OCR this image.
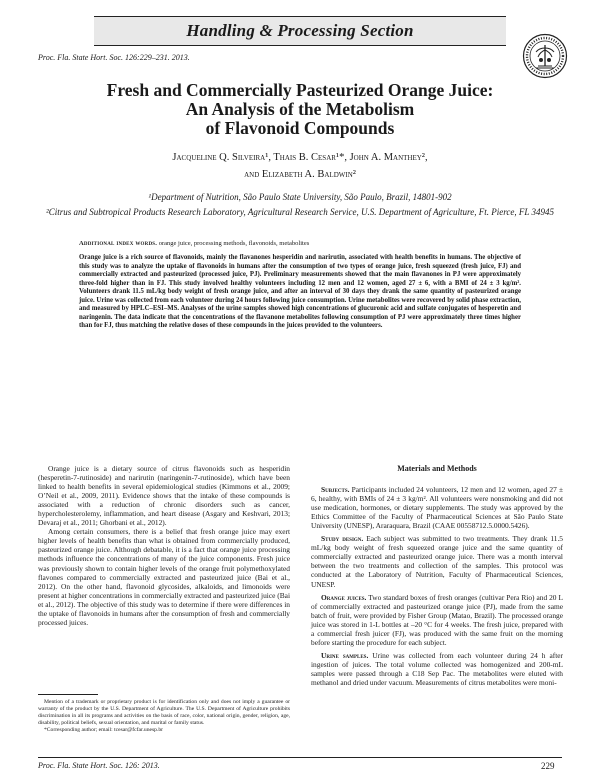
Handling & Processing Section
Proc. Fla. State Hort. Soc. 126:229–231. 2013.
Fresh and Commercially Pasteurized Orange Juice:
An Analysis of the Metabolism
of Flavonoid Compounds
Jacqueline Q. Silveira¹, Thais B. Cesar¹*, John A. Manthey²,
and Elizabeth A. Baldwin²
¹Department of Nutrition, São Paulo State University, São Paulo, Brazil, 14801-902
²Citrus and Subtropical Products Research Laboratory, Agricultural Research Service, U.S. Department of Agriculture, Ft. Pierce, FL 34945
Additional index words. orange juice, processing methods, flavonoids, metabolites
Orange juice is a rich source of flavonoids, mainly the flavanones hesperidin and narirutin, associated with health benefits in humans. The objective of this study was to analyze the uptake of flavonoids in humans after the consumption of two types of orange juice, fresh squeezed (fresh juice, FJ) and commercially extracted and pasteurized (processed juice, PJ). Preliminary measurements showed that the main flavanones in PJ were approximately three-fold higher than in FJ. This study involved healthy volunteers including 12 men and 12 women, aged 27 ± 6, with a BMI of 24 ± 3 kg/m². Volunteers drank 11.5 mL/kg body weight of fresh orange juice, and after an interval of 30 days they drank the same quantity of pasteurized orange juice. Urine was collected from each volunteer during 24 hours following juice consumption. Urine metabolites were recovered by solid phase extraction, and measured by HPLC–ESI–MS. Analyses of the urine samples showed high concentrations of glucuronic acid and sulfate conjugates of hesperetin and naringenin. The data indicate that the concentrations of the flavanone metabolites following consumption of PJ were approximately three times higher than for FJ, thus matching the relative doses of these compounds in the juices provided to the volunteers.

Orange juice is a dietary source of citrus flavonoids such as hesperidin (hesperetin-7-rutinoside) and narirutin (naringenin-7-rutinoside), which have been linked to health benefits in several epidemiological studies (Kimmons et al., 2009; O’Neil et al., 2009, 2011). Evidence shows that the intake of these compounds is associated with a reduction of chronic disorders such as cancer, hypercholesterolemy, inflammation, and heart disease (Asgary and Keshvari, 2013; Devaraj et al., 2011; Ghorbani et al., 2012).

Among certain consumers, there is a belief that fresh orange juice may exert higher levels of health benefits than what is obtained from commercially produced, pasteurized orange juice. Although debatable, it is a fact that orange juice processing methods influence the concentrations of many of the juice components. Fresh juice was previously shown to contain higher levels of the orange fruit polymethoxylated flavones compared to commercially extracted and pasteurized juice (Bai et al., 2012). On the other hand, flavonoid glycosides, alkaloids, and limonoids were present at higher concentrations in commercially extracted and pasteurized juice (Bai et al., 2012). The objective of this study was to determine if there were differences in the uptake of flavonoids in humans after the consumption of fresh and commercially processed juices.

Materials and Methods

Subjects. Participants included 24 volunteers, 12 men and 12 women, aged 27 ± 6, healthy, with BMIs of 24 ± 3 kg/m². All volunteers were nonsmoking and did not use medication, hormones, or dietary supplements. The study was approved by the Ethics Committee of the Faculty of Pharmaceutical Sciences at São Paulo State University (UNESP), Araraquara, Brazil (CAAE 00558712.5.0000.5426).

Study design. Each subject was submitted to two treatments. They drank 11.5 mL/kg body weight of fresh squeezed orange juice and the same quantity of commercially extracted and pasteurized orange juice. There was a month interval between the two treatments and collection of the samples. This protocol was conducted at the Laboratory of Nutrition, Faculty of Pharmaceutical Sciences, UNESP.

Orange juices. Two standard boxes of fresh oranges (cultivar Pera Rio) and 20 L of commercially extracted and pasteurized orange juice (PJ), made from the same batch of fruit, were provided by Fisher Group (Matao, Brazil). The processed orange juice was stored in 1-L bottles at –20 °C for 4 weeks. The fresh juice, prepared with a commercial fresh juicer (FJ), was produced with the same fruit on the morning before starting the procedure for each subject.

Urine samples. Urine was collected from each volunteer during 24 h after ingestion of juices. The total volume collected was homogenized and 200-mL samples were passed through a C18 Sep Pac. The metabolites were eluted with methanol and dried under vacuum. Measurements of citrus metabolites were moni-

Mention of a trademark or proprietary product is for identification only and does not imply a guarantee or warranty of the product by the U.S. Department of Agriculture. The U.S. Department of Agriculture prohibits discrimination in all its programs and activities on the basis of race, color, national origin, gender, religion, age, disability, political beliefs, sexual orientation, and marital or family status.

*Corresponding author; email: tcesar@fcfar.unesp.br

Proc. Fla. State Hort. Soc. 126: 2013.	229
